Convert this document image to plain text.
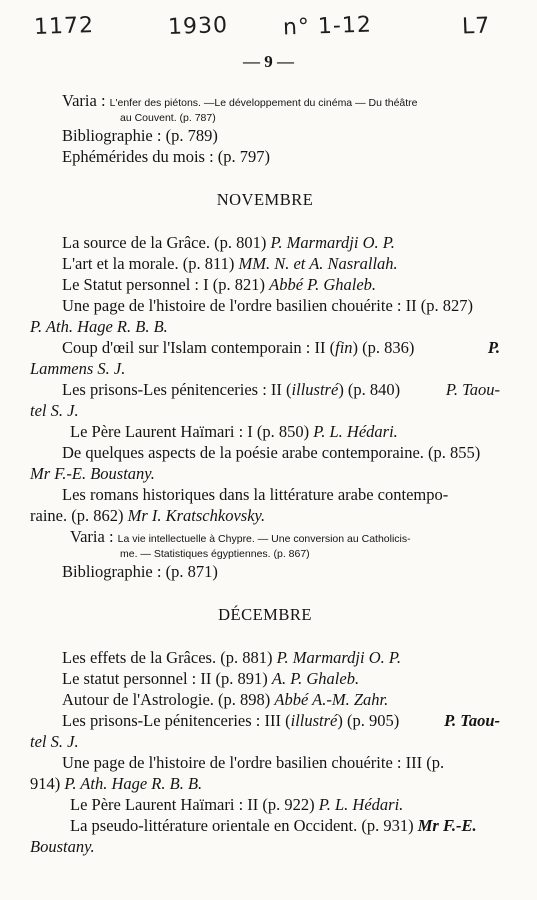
1172	1930 n° 1-12	L7
— 9 —
Varia : L'enfer des piétons. —Le développement du cinéma — Du théâtre
au Couvent. (p. 787)
Bibliographie : (p. 789)
Ephémérides du mois : (p. 797)
NOVEMBRE
La source de la Grâce. (p. 801) P. Marmardji O. P.
L'art et la morale. (p. 811) MM. N. et A. Nasrallah.
Le Statut personnel : I (p. 821) Abbé P. Ghaleb.
Une page de l'histoire de l'ordre basilien chouérite : II (p. 827)
P. Ath. Hage R. B. B.
Coup d'œil sur l'Islam contemporain : II (fin) (p. 836)	P.
Lammens S. J.
Les prisons-Les pénitenceries : II (illustré) (p. 840)	P. Taou-
tel S. J.
Le Père Laurent Haïmari : I (p. 850) P. L. Hédari.
De quelques aspects de la poésie arabe contemporaine. (p. 855)
Mr F.-E. Boustany.
Les romans historiques dans la littérature arabe contempo-
raine. (p. 862) Mr I. Kratschkovsky.
Varia : La vie intellectuelle à Chypre. — Une conversion au Catholicis-
me. — Statistiques égyptiennes. (p. 867)
Bibliographie : (p. 871)
DÉCEMBRE
Les effets de la Grâces. (p. 881) P. Marmardji O. P.
Le statut personnel : II (p. 891) A. P. Ghaleb.
Autour de l'Astrologie. (p. 898) Abbé A.-M. Zahr.
Les prisons-Le pénitenceries : III (illustré) (p. 905)	P. Taou-
tel S. J.
Une page de l'histoire de l'ordre basilien chouérite : III (p.
914) P. Ath. Hage R. B. B.
Le Père Laurent Haïmari : II (p. 922) P. L. Hédari.
La pseudo-littérature orientale en Occident. (p. 931) Mr F.-E.
Boustany.
